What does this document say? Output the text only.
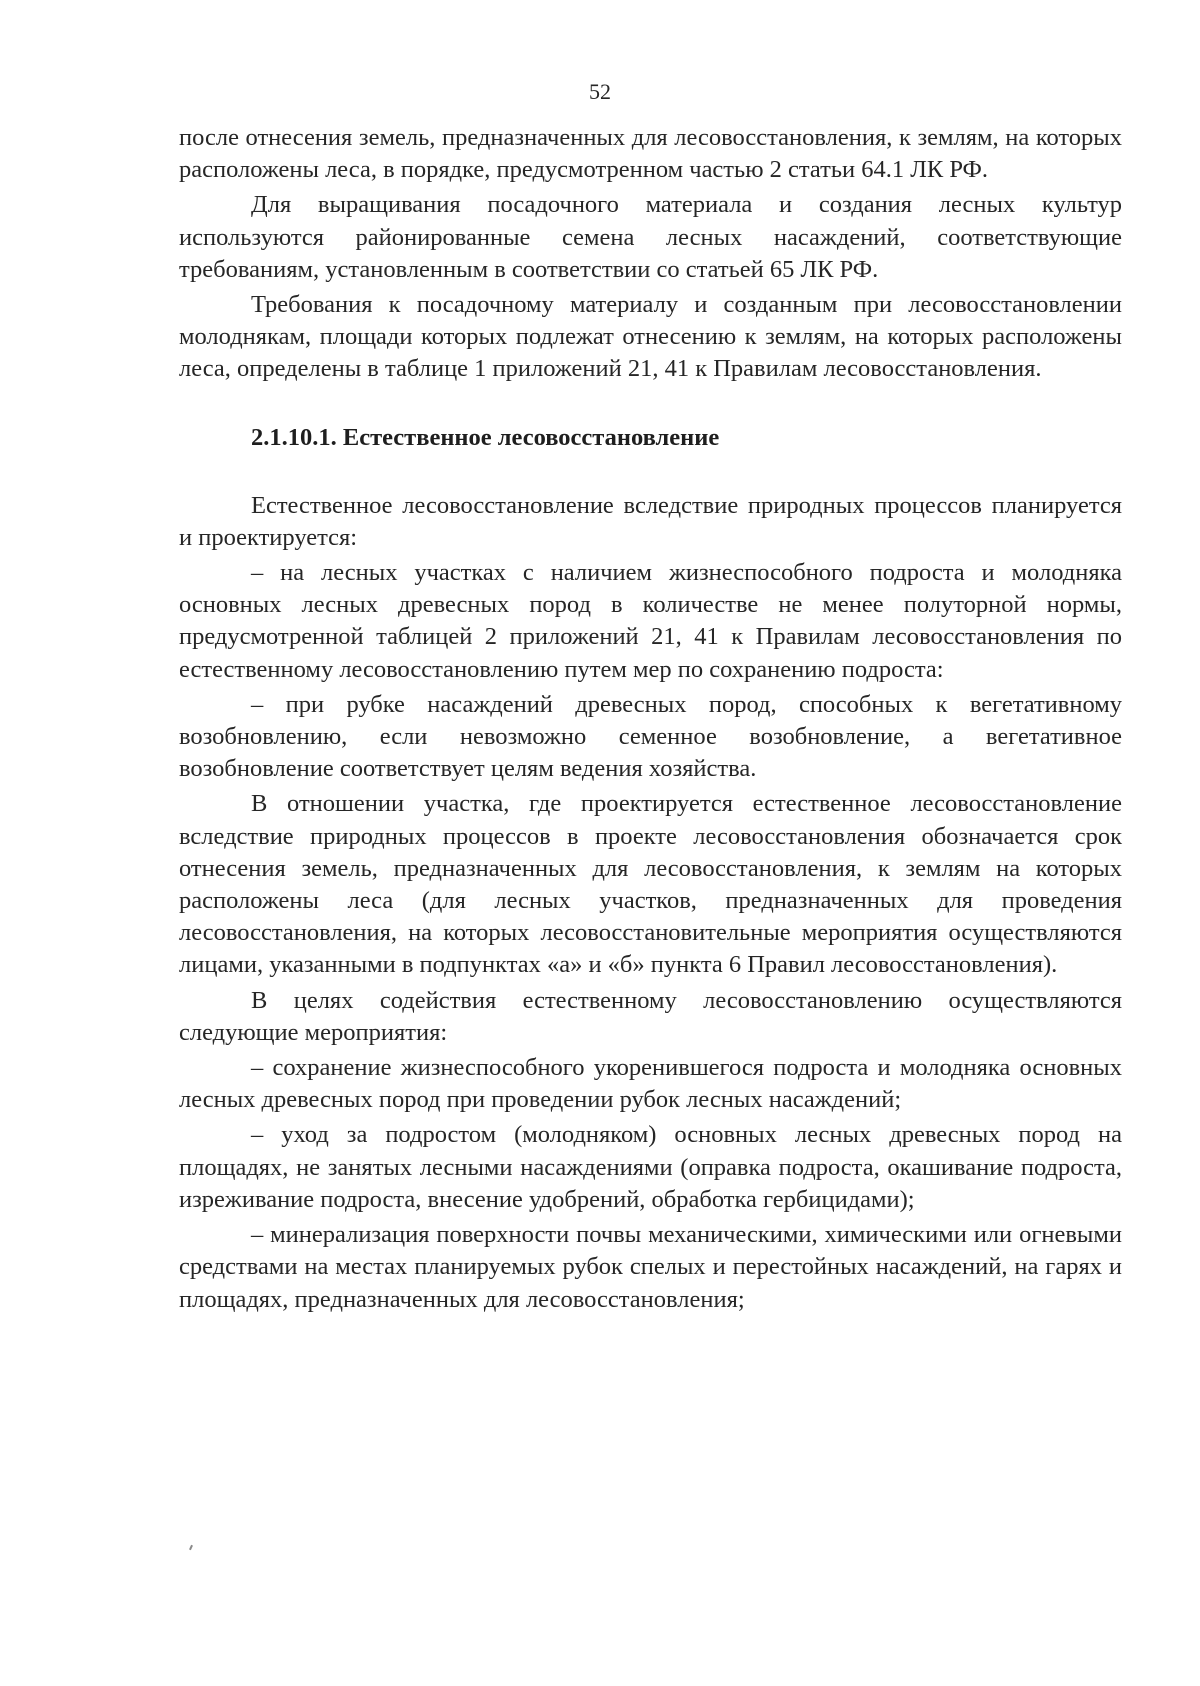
52

после отнесения земель, предназначенных для лесовосстановления, к землям, на которых расположены леса, в порядке, предусмотренном частью 2 статьи 64.1 ЛК РФ.

Для выращивания посадочного материала и создания лесных культур используются районированные семена лесных насаждений, соответствующие требованиям, установленным в соответствии со статьей 65 ЛК РФ.

Требования к посадочному материалу и созданным при лесовосстановлении молоднякам, площади которых подлежат отнесению к землям, на которых расположены леса, определены в таблице 1 приложений 21, 41 к Правилам лесовосстановления.

2.1.10.1. Естественное лесовосстановление

Естественное лесовосстановление вследствие природных процессов планируется и проектируется:

– на лесных участках с наличием жизнеспособного подроста и молодняка основных лесных древесных пород в количестве не менее полуторной нормы, предусмотренной таблицей 2 приложений 21, 41 к Правилам лесовосстановления по естественному лесовосстановлению путем мер по сохранению подроста:

– при рубке насаждений древесных пород, способных к вегетативному возобновлению, если невозможно семенное возобновление, а вегетативное возобновление соответствует целям ведения хозяйства.

В отношении участка, где проектируется естественное лесовосстановление вследствие природных процессов в проекте лесовосстановления обозначается срок отнесения земель, предназначенных для лесовосстановления, к землям на которых расположены леса (для лесных участков, предназначенных для проведения лесовосстановления, на которых лесовосстановительные мероприятия осуществляются лицами, указанными в подпунктах «а» и «б» пункта 6 Правил лесовосстановления).

В целях содействия естественному лесовосстановлению осуществляются следующие мероприятия:

– сохранение жизнеспособного укоренившегося подроста и молодняка основных лесных древесных пород при проведении рубок лесных насаждений;

– уход за подростом (молодняком) основных лесных древесных пород на площадях, не занятых лесными насаждениями (оправка подроста, окашивание подроста, изреживание подроста, внесение удобрений, обработка гербицидами);

– минерализация поверхности почвы механическими, химическими или огневыми средствами на местах планируемых рубок спелых и перестойных насаждений, на гарях и площадях, предназначенных для лесовосстановления;
